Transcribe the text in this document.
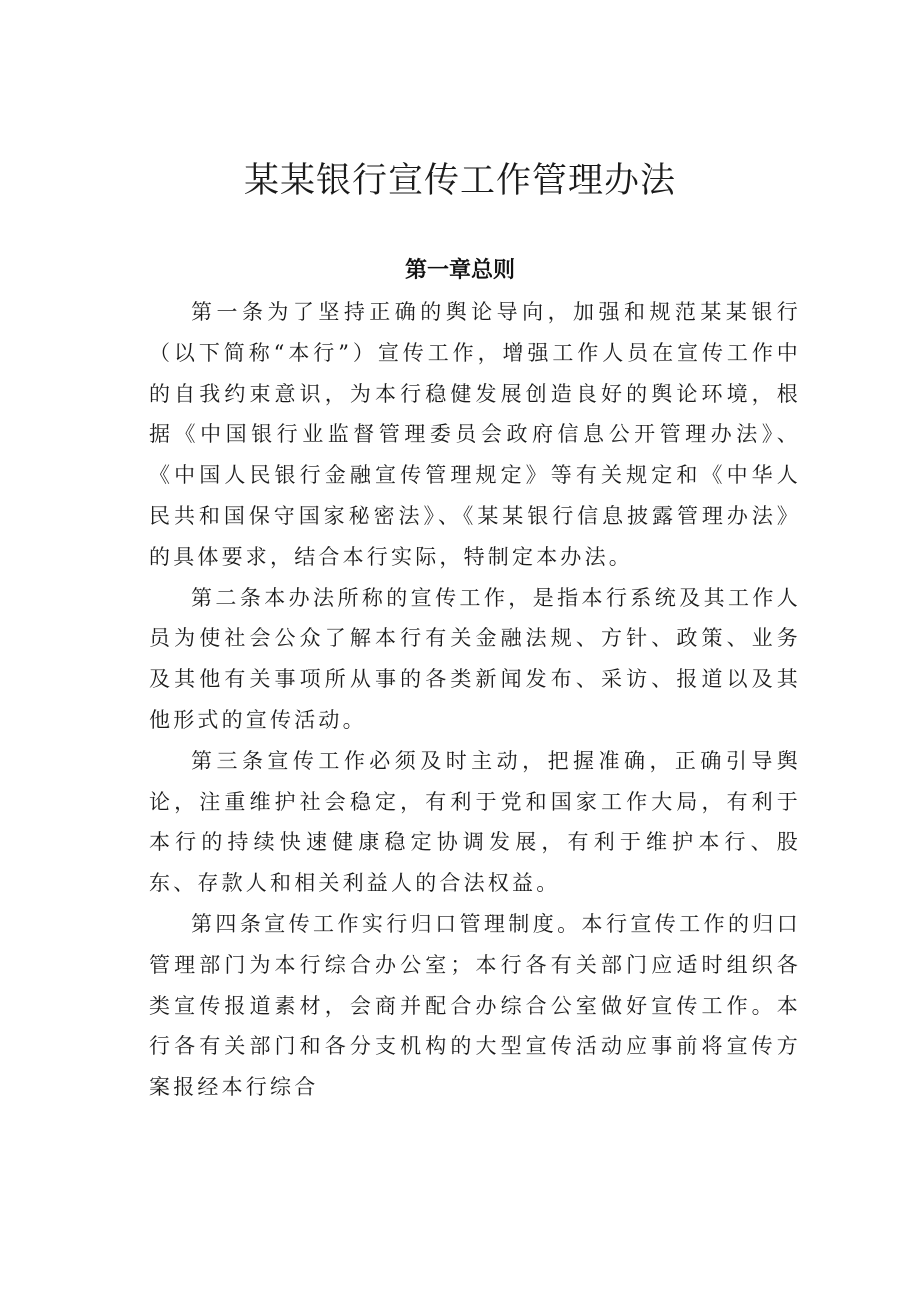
某某银行宣传工作管理办法
第一章总则

第一条为了坚持正确的舆论导向，加强和规范某某银行（以下简称“本行”）宣传工作，增强工作人员在宣传工作中的自我约束意识，为本行稳健发展创造良好的舆论环境，根据《中国银行业监督管理委员会政府信息公开管理办法》、《中国人民银行金融宣传管理规定》等有关规定和《中华人民共和国保守国家秘密法》、《某某银行信息披露管理办法》的具体要求，结合本行实际，特制定本办法。

第二条本办法所称的宣传工作，是指本行系统及其工作人员为使社会公众了解本行有关金融法规、方针、政策、业务及其他有关事项所从事的各类新闻发布、采访、报道以及其他形式的宣传活动。

第三条宣传工作必须及时主动，把握准确，正确引导舆论，注重维护社会稳定，有利于党和国家工作大局，有利于本行的持续快速健康稳定协调发展，有利于维护本行、股东、存款人和相关利益人的合法权益。

第四条宣传工作实行归口管理制度。本行宣传工作的归口管理部门为本行综合办公室；本行各有关部门应适时组织各类宣传报道素材，会商并配合办综合公室做好宣传工作。本行各有关部门和各分支机构的大型宣传活动应事前将宣传方案报经本行综合
